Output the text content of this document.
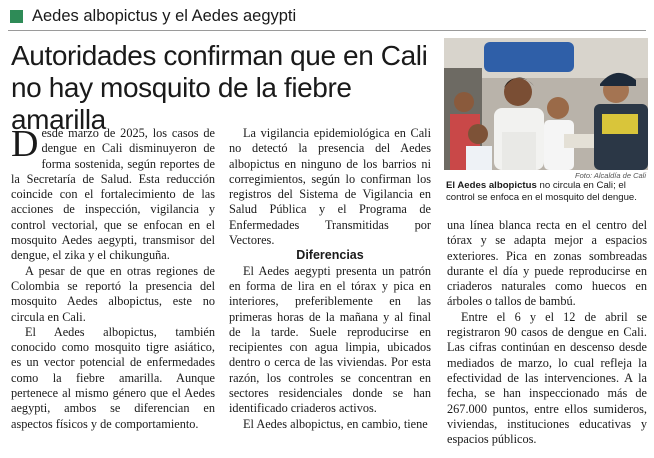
Aedes albopictus y el Aedes aegypti
Autoridades confirman que en Cali
no hay mosquito de la fiebre amarilla
Foto: Alcaldía de Cali
El Aedes albopictus no circula en Cali; el control se enfoca en el mosquito del dengue.

Desde marzo de 2025, los casos de dengue en Cali disminuyeron de forma sostenida, según reportes de la Secretaría de Salud. Esta reducción coincide con el fortalecimiento de las acciones de inspección, vigilancia y control vectorial, que se enfocan en el mosquito Aedes aegypti, transmisor del dengue, el zika y el chikunguña.

A pesar de que en otras regiones de Colombia se reportó la presencia del mosquito Aedes albopictus, este no circula en Cali.

El Aedes albopictus, también conocido como mosquito tigre asiático, es un vector potencial de enfermedades como la fiebre amarilla. Aunque pertenece al mismo género que el Aedes aegypti, ambos se diferencian en aspectos físicos y de comportamiento.

La vigilancia epidemiológica en Cali no detectó la presencia del Aedes albopictus en ninguno de los barrios ni corregimientos, según lo confirman los registros del Sistema de Vigilancia en Salud Pública y el Programa de Enfermedades Transmitidas por Vectores.

Diferencias

El Aedes aegypti presenta un patrón en forma de lira en el tórax y pica en interiores, preferiblemente en las primeras horas de la mañana y al final de la tarde. Suele reproducirse en recipientes con agua limpia, ubicados dentro o cerca de las viviendas. Por esta razón, los controles se concentran en sectores residenciales donde se han identificado criaderos activos.

El Aedes albopictus, en cambio, tiene

una línea blanca recta en el centro del tórax y se adapta mejor a espacios exteriores. Pica en zonas sombreadas durante el día y puede reproducirse en criaderos naturales como huecos en árboles o tallos de bambú.

Entre el 6 y el 12 de abril se registraron 90 casos de dengue en Cali. Las cifras continúan en descenso desde mediados de marzo, lo cual refleja la efectividad de las intervenciones. A la fecha, se han inspeccionado más de 267.000 puntos, entre ellos sumideros, viviendas, instituciones educativas y espacios públicos.
